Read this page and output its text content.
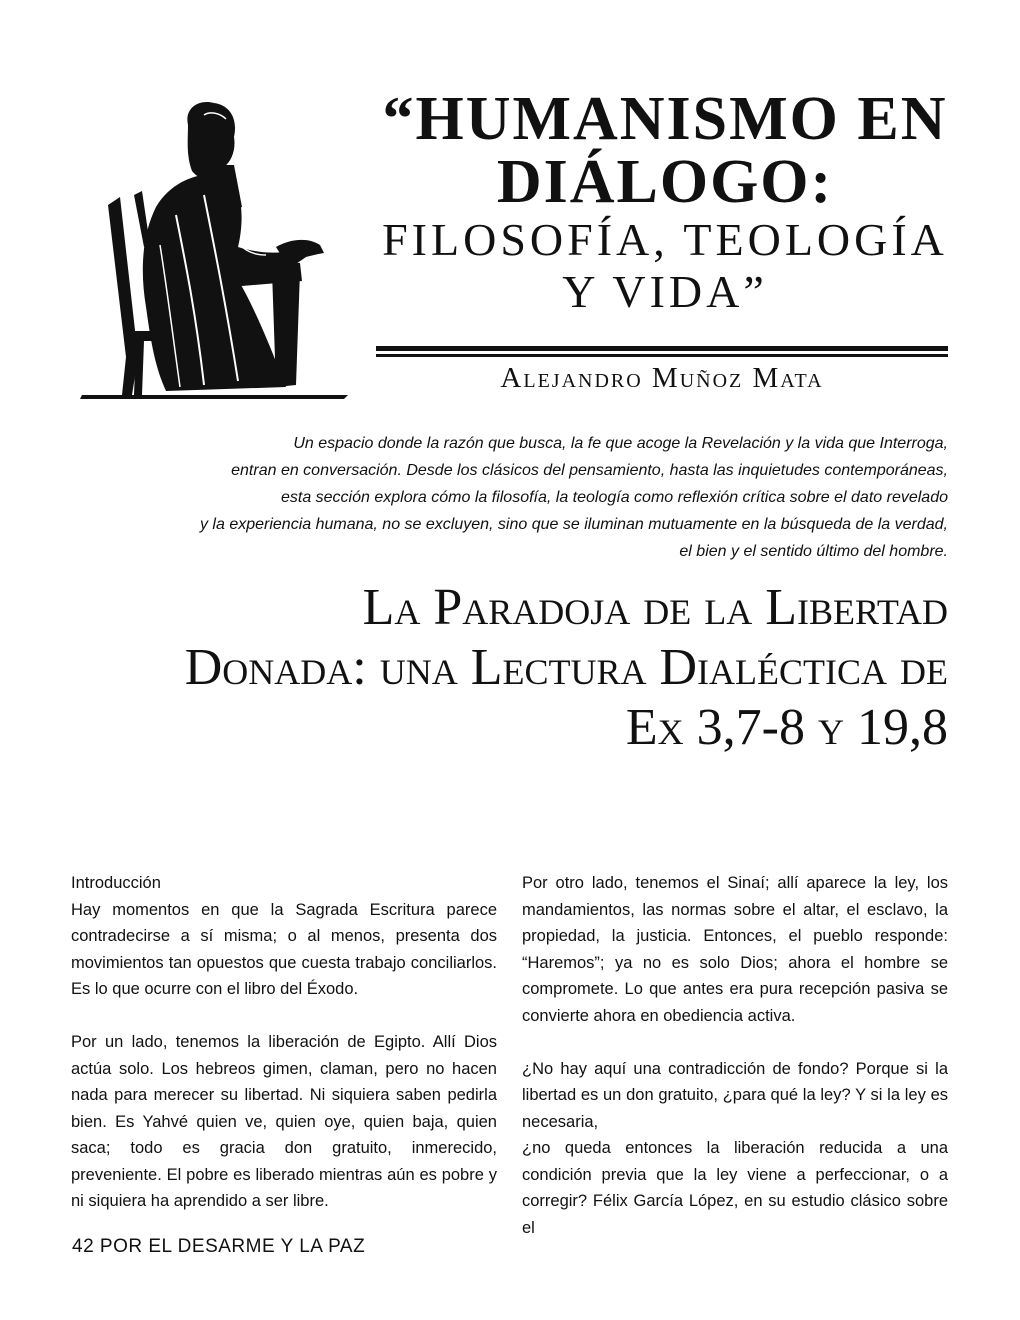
“HUMANISMO EN
DIÁLOGO:
FILOSOFÍA, TEOLOGÍA
Y VIDA”
Alejandro Muñoz Mata
Un espacio donde la razón que busca, la fe que acoge la Revelación y la vida que Interroga,
entran en conversación. Desde los clásicos del pensamiento, hasta las inquietudes contemporáneas,
esta sección explora cómo la filosofía, la teología como reflexión crítica sobre el dato revelado
y la experiencia humana, no se excluyen, sino que se iluminan mutuamente en la búsqueda de la verdad,
el bien y el sentido último del hombre.
La Paradoja de la Libertad
Donada: una Lectura Dialéctica de
Ex 3,7-8 y 19,8

Introducción

Hay momentos en que la Sagrada Escritura parece contradecirse a sí misma; o al menos, presenta dos movimientos tan opuestos que cuesta trabajo conciliarlos. Es lo que ocurre con el libro del Éxodo.

Por un lado, tenemos la liberación de Egipto. Allí Dios actúa solo. Los hebreos gimen, claman, pero no hacen nada para merecer su libertad. Ni siquiera saben pedirla bien. Es Yahvé quien ve, quien oye, quien baja, quien saca; todo es gracia don gratuito, inmerecido, preveniente. El pobre es liberado mientras aún es pobre y ni siquiera ha aprendido a ser libre.

Por otro lado, tenemos el Sinaí; allí aparece la ley, los mandamientos, las normas sobre el altar, el esclavo, la propiedad, la justicia. Entonces, el pueblo responde: “Haremos”; ya no es solo Dios; ahora el hombre se compromete. Lo que antes era pura recepción pasiva se convierte ahora en obediencia activa.

¿No hay aquí una contradicción de fondo? Porque si la libertad es un don gratuito, ¿para qué la ley? Y si la ley es necesaria,

¿no queda entonces la liberación reducida a una condición previa que la ley viene a perfeccionar, o a corregir? Félix García López, en su estudio clásico sobre el

42 POR EL DESARME Y LA PAZ
